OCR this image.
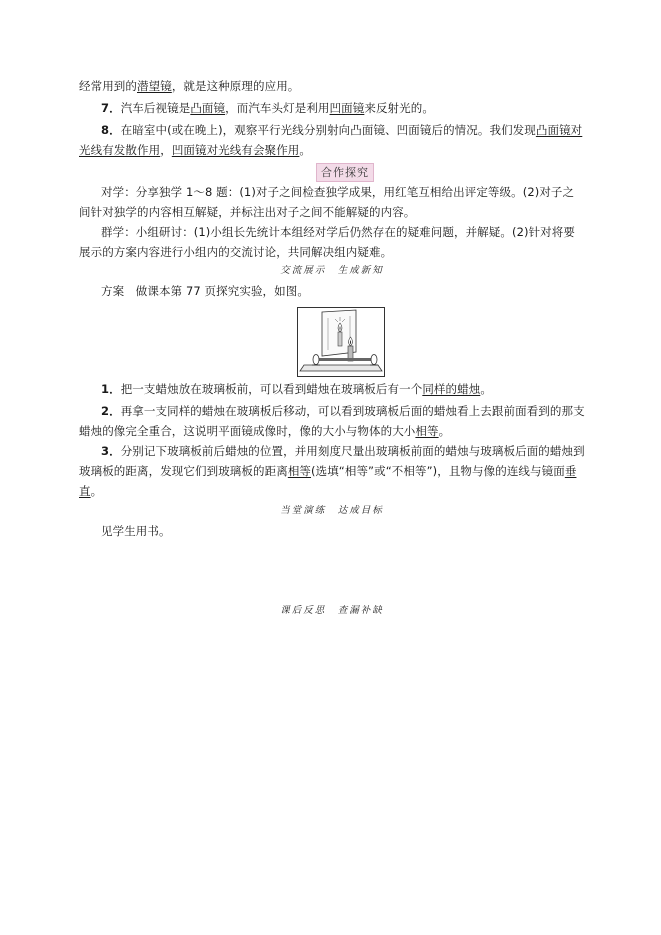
经常用到的潜望镜，就是这种原理的应用。
7．汽车后视镜是凸面镜，而汽车头灯是利用凹面镜来反射光的。
8．在暗室中(或在晚上)，观察平行光线分别射向凸面镜、凹面镜后的情况。我们发现凸面镜对光线有发散作用，凹面镜对光线有会聚作用。
合作探究
对学：分享独学 1～8 题：(1)对子之间检查独学成果，用红笔互相给出评定等级。(2)对子之间针对独学的内容相互解疑，并标注出对子之间不能解疑的内容。
群学：小组研讨：(1)小组长先统计本组经对学后仍然存在的疑难问题，并解疑。(2)针对将要展示的方案内容进行小组内的交流讨论，共同解决组内疑难。
交流展示　生成新知
方案　做课本第 77 页探究实验，如图。
1．把一支蜡烛放在玻璃板前，可以看到蜡烛在玻璃板后有一个同样的蜡烛。
2．再拿一支同样的蜡烛在玻璃板后移动，可以看到玻璃板后面的蜡烛看上去跟前面看到的那支蜡烛的像完全重合，这说明平面镜成像时，像的大小与物体的大小相等。
3．分别记下玻璃板前后蜡烛的位置，并用刻度尺量出玻璃板前面的蜡烛与玻璃板后面的蜡烛到玻璃板的距离，发现它们到玻璃板的距离相等(选填“相等”或“不相等”)，且物与像的连线与镜面垂直。
当堂演练　达成目标
见学生用书。
课后反思　查漏补缺
